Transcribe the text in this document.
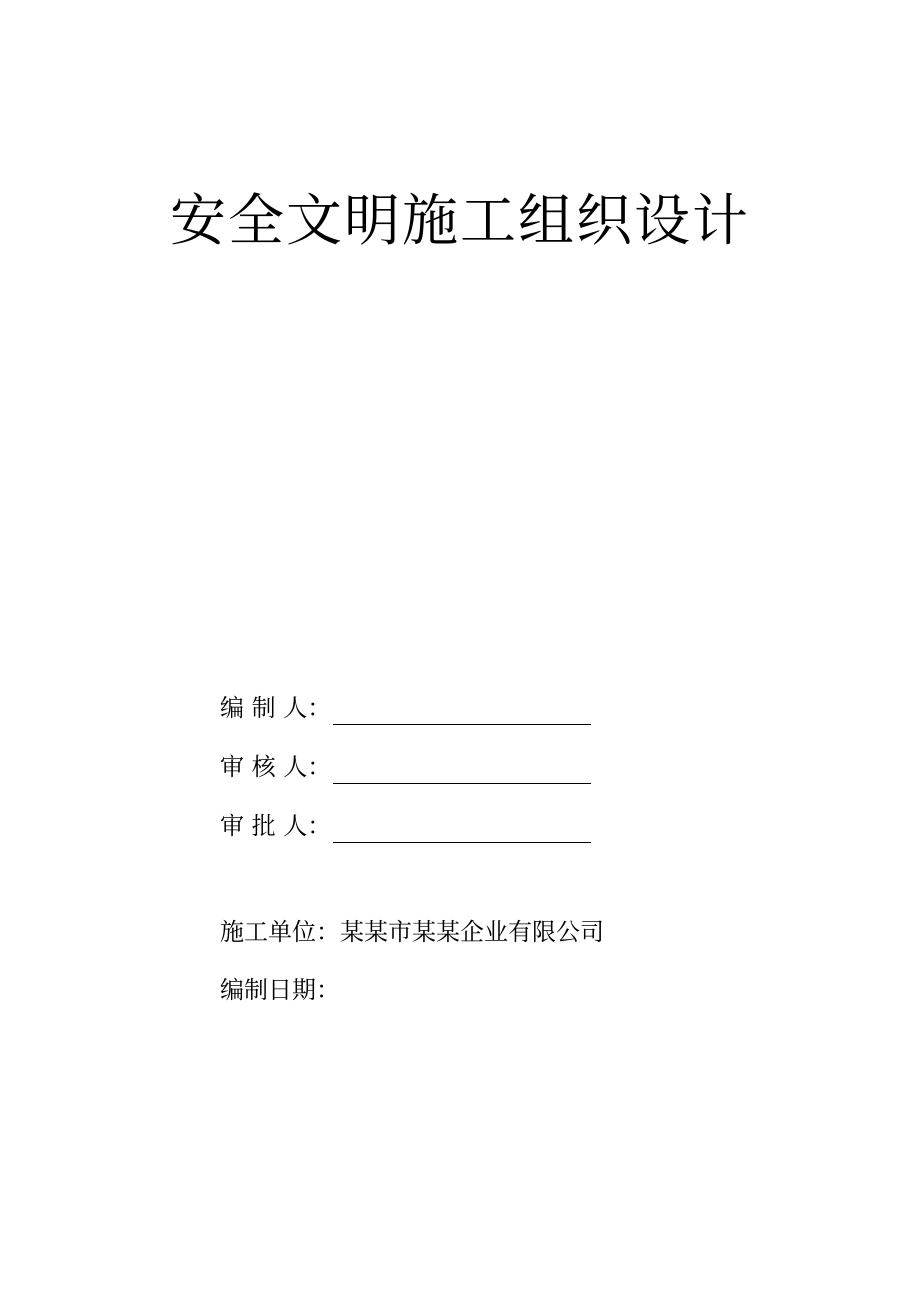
安全文明施工组织设计
编 制 人：
审 核 人：
审 批 人：
施工单位：某某市某某企业有限公司
编制日期：
